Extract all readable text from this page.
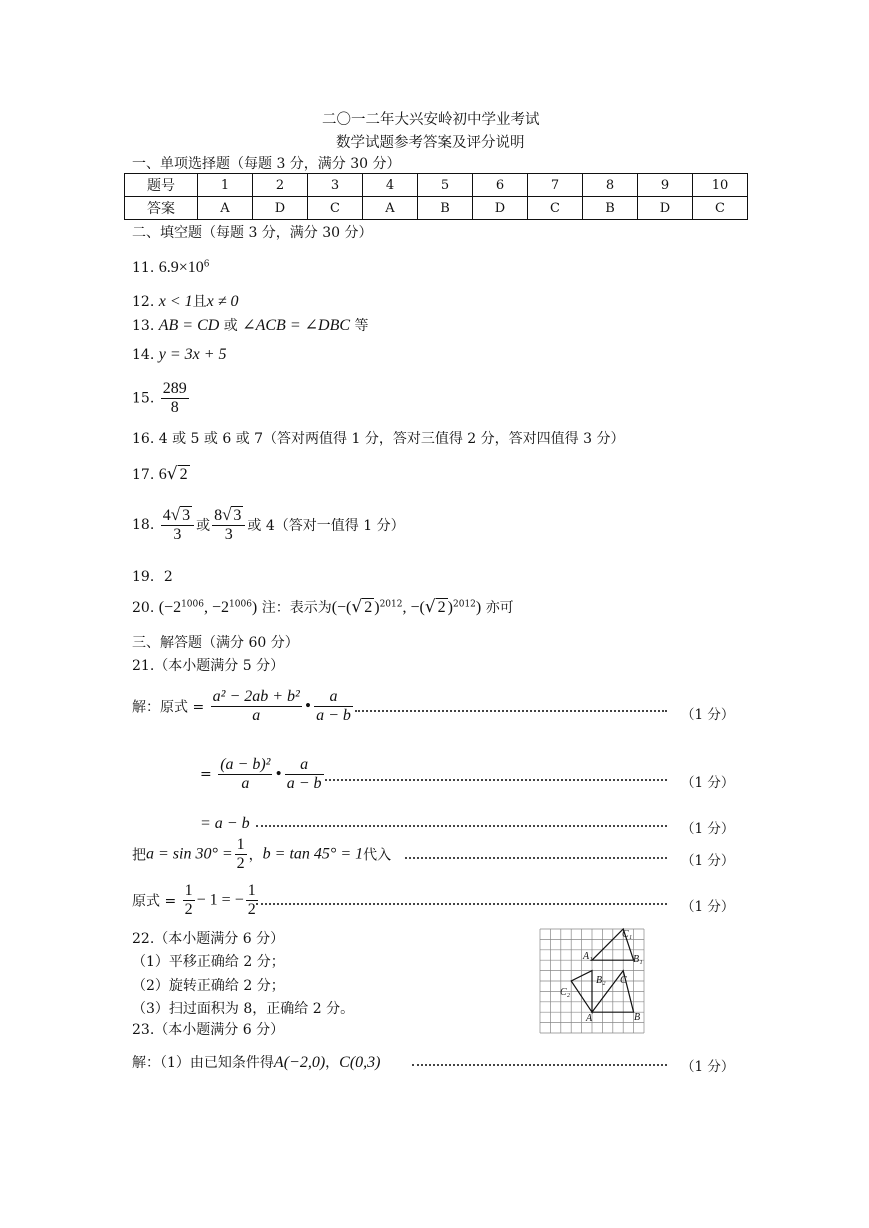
二〇一二年大兴安岭初中学业考试
数学试题参考答案及评分说明
一、单项选择题（每题 3 分，满分 30 分）
题号	1	2	3	4	5	6	7	8	9	10
答案	A	D	C	A	B	D	C	B	D	C
二、填空题（每题 3 分，满分 30 分）
11. $6.9\times 10^6$
12. x < 1且x ≠ 0
13. AB = CD 或 ∠ACB = ∠DBC 等
14. y = 3x + 5
15. $\frac{289}{8}$
16. 4 或 5 或 6 或 7（答对两值得 1 分，答对三值得 2 分，答对四值得 3 分）
17. 6√ 2
18. $\frac{4√ 3}{3}$ 或 $\frac{8√ 3}{3}$ 或 4（答对一值得 1 分）
19．2
20. ($-2^{1006}$, $-2^{1006}$) 注：表示为(−(√ 2 )$^{2012}$, −(√ 2 )$^{2012}$) 亦可
三、解答题（满分 60 分）
21.（本小题满分 5 分）
解：原式 = $\frac{\text{a² − 2ab + b²}}{a}$ • $\frac{a}{a - b}$	（1 分）
= $\frac{\text{(a − b)²}}{a}$ • $\frac{a}{a - b}$	（1 分）
= a − b	（1 分）
把$a = \sin 30^\circ = \frac{1}{2}$ ，b = tan 45° = 1代入	（1 分）
原式 = $\frac{1}{2} - 1$ = − $\frac{1}{2}$	（1 分）
22.（本小题满分 6 分）
（1）平移正确给 2 分；
（2）旋转正确给 2 分；
（3）扫过面积为 8，正确给 2 分。
C₁
A₁	B₁
B₂ C
C₂
A	B
23.（本小题满分 6 分）
解：（1）由已知条件得A(−2,0)，C(0,3)	（1 分）
